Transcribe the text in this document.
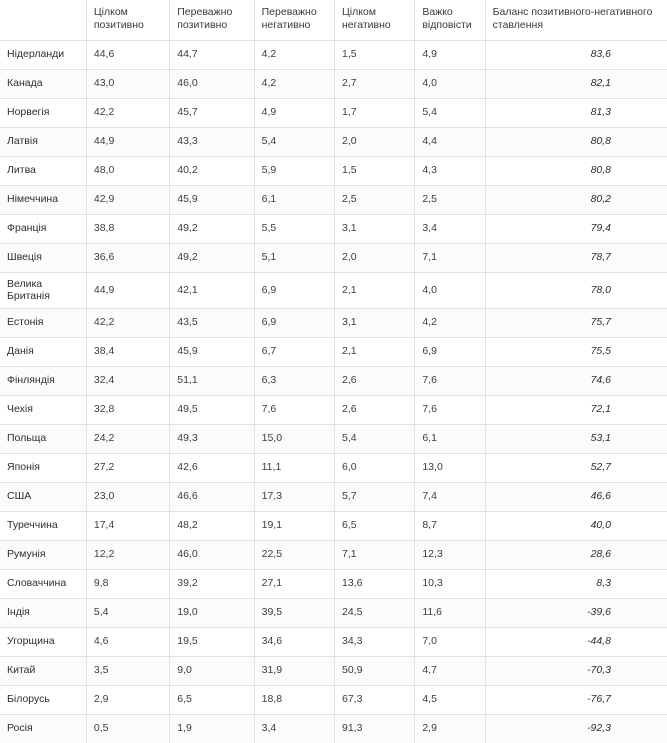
	Цілком позитивно	Переважно позитивно	Переважно негативно	Цілком негативно	Важко відповісти	Баланс позитивного-негативного ставлення
Нідерланди	44,6	44,7	4,2	1,5	4,9	83,6
Канада	43,0	46,0	4,2	2,7	4,0	82,1
Норвегія	42,2	45,7	4,9	1,7	5,4	81,3
Латвія	44,9	43,3	5,4	2,0	4,4	80,8
Литва	48,0	40,2	5,9	1,5	4,3	80,8
Німеччина	42,9	45,9	6,1	2,5	2,5	80,2
Франція	38,8	49,2	5,5	3,1	3,4	79,4
Швеція	36,6	49,2	5,1	2,0	7,1	78,7
Велика Британія	44,9	42,1	6,9	2,1	4,0	78,0
Естонія	42,2	43,5	6,9	3,1	4,2	75,7
Данія	38,4	45,9	6,7	2,1	6,9	75,5
Фінляндія	32,4	51,1	6,3	2,6	7,6	74,6
Чехія	32,8	49,5	7,6	2,6	7,6	72,1
Польща	24,2	49,3	15,0	5,4	6,1	53,1
Японія	27,2	42,6	11,1	6,0	13,0	52,7
США	23,0	46,6	17,3	5,7	7,4	46,6
Туреччина	17,4	48,2	19,1	6,5	8,7	40,0
Румунія	12,2	46,0	22,5	7,1	12,3	28,6
Словаччина	9,8	39,2	27,1	13,6	10,3	8,3
Індія	5,4	19,0	39,5	24,5	11,6	-39,6
Угорщина	4,6	19,5	34,6	34,3	7,0	-44,8
Китай	3,5	9,0	31,9	50,9	4,7	-70,3
Білорусь	2,9	6,5	18,8	67,3	4,5	-76,7
Росія	0,5	1,9	3,4	91,3	2,9	-92,3
